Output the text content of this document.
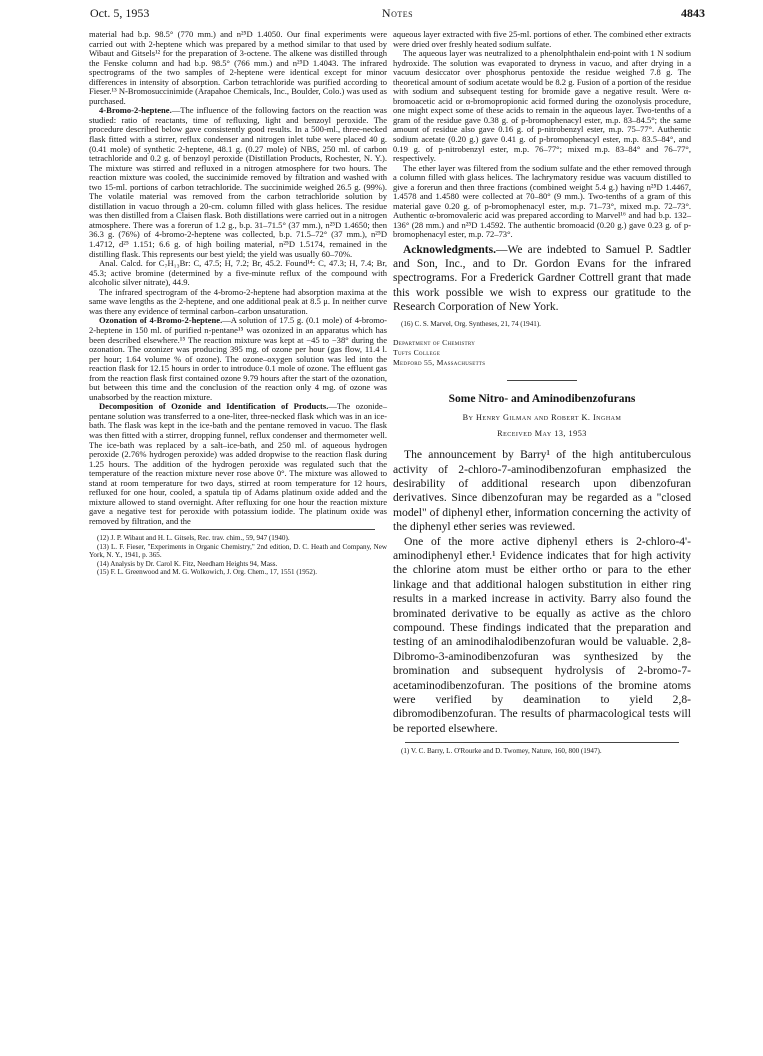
Oct. 5, 1953	Notes	4843

material had b.p. 98.5° (770 mm.) and n²⁵D 1.4050. Our final experiments were carried out with 2-heptene which was prepared by a method similar to that used by Wibaut and Gitsels¹² for the preparation of 3-octene. The alkene was distilled through the Fenske column and had b.p. 98.5° (766 mm.) and n²⁵D 1.4043. The infrared spectrograms of the two samples of 2-heptene were identical except for minor differences in intensity of absorption. Carbon tetrachloride was purified according to Fieser.¹³ N-Bromosuccinimide (Arapahoe Chemicals, Inc., Boulder, Colo.) was used as purchased.

4-Bromo-2-heptene.—The influence of the following factors on the reaction was studied: ratio of reactants, time of refluxing, light and benzoyl peroxide. The procedure described below gave consistently good results. In a 500-ml., three-necked flask fitted with a stirrer, reflux condenser and nitrogen inlet tube were placed 40 g. (0.41 mole) of synthetic 2-heptene, 48.1 g. (0.27 mole) of NBS, 250 ml. of carbon tetrachloride and 0.2 g. of benzoyl peroxide (Distillation Products, Rochester, N. Y.). The mixture was stirred and refluxed in a nitrogen atmosphere for two hours. The reaction mixture was cooled, the succinimide removed by filtration and washed with two 15-ml. portions of carbon tetrachloride. The succinimide weighed 26.5 g. (99%). The volatile material was removed from the carbon tetrachloride solution by distillation in vacuo through a 20-cm. column filled with glass helices. The residue was then distilled from a Claisen flask. Both distillations were carried out in a nitrogen atmosphere. There was a forerun of 1.2 g., b.p. 31–71.5° (37 mm.), n²⁵D 1.4650; then 36.3 g. (76%) of 4-bromo-2-heptene was collected, b.p. 71.5–72° (37 mm.), n²⁵D 1.4712, d²⁵ 1.151; 6.6 g. of high boiling material, n²⁵D 1.5174, remained in the distilling flask. This represents our best yield; the yield was usually 60–70%.

Anal. Calcd. for C₇H₁₃Br: C, 47.5; H, 7.2; Br, 45.2. Found¹⁴: C, 47.3; H, 7.4; Br, 45.3; active bromine (determined by a five-minute reflux of the compound with alcoholic silver nitrate), 44.9.

The infrared spectrogram of the 4-bromo-2-heptene had absorption maxima at the same wave lengths as the 2-heptene, and one additional peak at 8.5 μ. In neither curve was there any evidence of terminal carbon–carbon unsaturation.

Ozonation of 4-Bromo-2-heptene.—A solution of 17.5 g. (0.1 mole) of 4-bromo-2-heptene in 150 ml. of purified n-pentane¹⁵ was ozonized in an apparatus which has been described elsewhere.¹⁵ The reaction mixture was kept at −45 to −38° during the ozonation. The ozonizer was producing 395 mg. of ozone per hour (gas flow, 11.4 l. per hour; 1.64 volume % of ozone). The ozone–oxygen solution was led into the reaction flask for 12.15 hours in order to introduce 0.1 mole of ozone. The effluent gas from the reaction flask first contained ozone 9.79 hours after the start of the ozonation, but between this time and the conclusion of the reaction only 4 mg. of ozone was unabsorbed by the reaction mixture.

Decomposition of Ozonide and Identification of Products.—The ozonide–pentane solution was transferred to a one-liter, three-necked flask which was in an ice-bath. The flask was kept in the ice-bath and the pentane removed in vacuo. The flask was then fitted with a stirrer, dropping funnel, reflux condenser and thermometer well. The ice-bath was replaced by a salt–ice-bath, and 250 ml. of aqueous hydrogen peroxide (2.76% hydrogen peroxide) was added dropwise to the reaction flask during 1.25 hours. The addition of the hydrogen peroxide was regulated such that the temperature of the reaction mixture never rose above 0°. The mixture was allowed to stand at room temperature for two days, stirred at room temperature for 12 hours, refluxed for one hour, cooled, a spatula tip of Adams platinum oxide added and the mixture allowed to stand overnight. After refluxing for one hour the reaction mixture gave a negative test for peroxide with potassium iodide. The platinum oxide was removed by filtration, and the

(12) J. P. Wibaut and H. L. Gitsels, Rec. trav. chim., 59, 947 (1940).

(13) L. F. Fieser, "Experiments in Organic Chemistry," 2nd edition, D. C. Heath and Company, New York, N. Y., 1941, p. 365.

(14) Analysis by Dr. Carol K. Fitz, Needham Heights 94, Mass.

(15) F. L. Greenwood and M. G. Wolkowich, J. Org. Chem., 17, 1551 (1952).

aqueous layer extracted with five 25-ml. portions of ether. The combined ether extracts were dried over freshly heated sodium sulfate.

The aqueous layer was neutralized to a phenolphthalein end-point with 1 N sodium hydroxide. The solution was evaporated to dryness in vacuo, and after drying in a vacuum desiccator over phosphorus pentoxide the residue weighed 7.8 g. The theoretical amount of sodium acetate would be 8.2 g. Fusion of a portion of the residue with sodium and subsequent testing for bromide gave a negative result. Were α-bromoacetic acid or α-bromopropionic acid formed during the ozonolysis procedure, one might expect some of these acids to remain in the aqueous layer. Two-tenths of a gram of the residue gave 0.38 g. of p-bromophenacyl ester, m.p. 83–84.5°; the same amount of residue also gave 0.16 g. of p-nitrobenzyl ester, m.p. 75–77°. Authentic sodium acetate (0.20 g.) gave 0.41 g. of p-bromophenacyl ester, m.p. 83.5–84°, and 0.19 g. of p-nitrobenzyl ester, m.p. 76–77°; mixed m.p. 83–84° and 76–77°, respectively.

The ether layer was filtered from the sodium sulfate and the ether removed through a column filled with glass helices. The lachrymatory residue was vacuum distilled to give a forerun and then three fractions (combined weight 5.4 g.) having n²⁵D 1.4467, 1.4578 and 1.4580 were collected at 70–80° (9 mm.). Two-tenths of a gram of this material gave 0.20 g. of p-bromophenacyl ester, m.p. 71–73°, mixed m.p. 72–73°. Authentic α-bromovaleric acid was prepared according to Marvel¹⁶ and had b.p. 132–136° (28 mm.) and n²⁵D 1.4592. The authentic bromoacid (0.20 g.) gave 0.23 g. of p-bromophenacyl ester, m.p. 72–73°.

Acknowledgments.—We are indebted to Samuel P. Sadtler and Son, Inc., and to Dr. Gordon Evans for the infrared spectrograms. For a Frederick Gardner Cottrell grant that made this work possible we wish to express our gratitude to the Research Corporation of New York.

(16) C. S. Marvel, Org. Syntheses, 21, 74 (1941).

Department of Chemistry
Tufts College
Medford 55, Massachusetts
Some Nitro- and Aminodibenzofurans
By Henry Gilman and Robert K. Ingham
Received May 13, 1953

The announcement by Barry¹ of the high antituberculous activity of 2-chloro-7-aminodibenzofuran emphasized the desirability of additional research upon dibenzofuran derivatives. Since dibenzofuran may be regarded as a "closed model" of diphenyl ether, information concerning the activity of the diphenyl ether series was reviewed.

One of the more active diphenyl ethers is 2-chloro-4'-aminodiphenyl ether.¹ Evidence indicates that for high activity the chlorine atom must be either ortho or para to the ether linkage and that additional halogen substitution in either ring results in a marked increase in activity. Barry also found the brominated derivative to be equally as active as the chloro compound. These findings indicated that the preparation and testing of an aminodihalodibenzofuran would be valuable. 2,8-Dibromo-3-aminodibenzofuran was synthesized by the bromination and subsequent hydrolysis of 2-bromo-7-acetaminodibenzofuran. The positions of the bromine atoms were verified by deamination to yield 2,8-dibromodibenzofuran. The results of pharmacological tests will be reported elsewhere.

(1) V. C. Barry, L. O'Rourke and D. Twomey, Nature, 160, 800 (1947).
